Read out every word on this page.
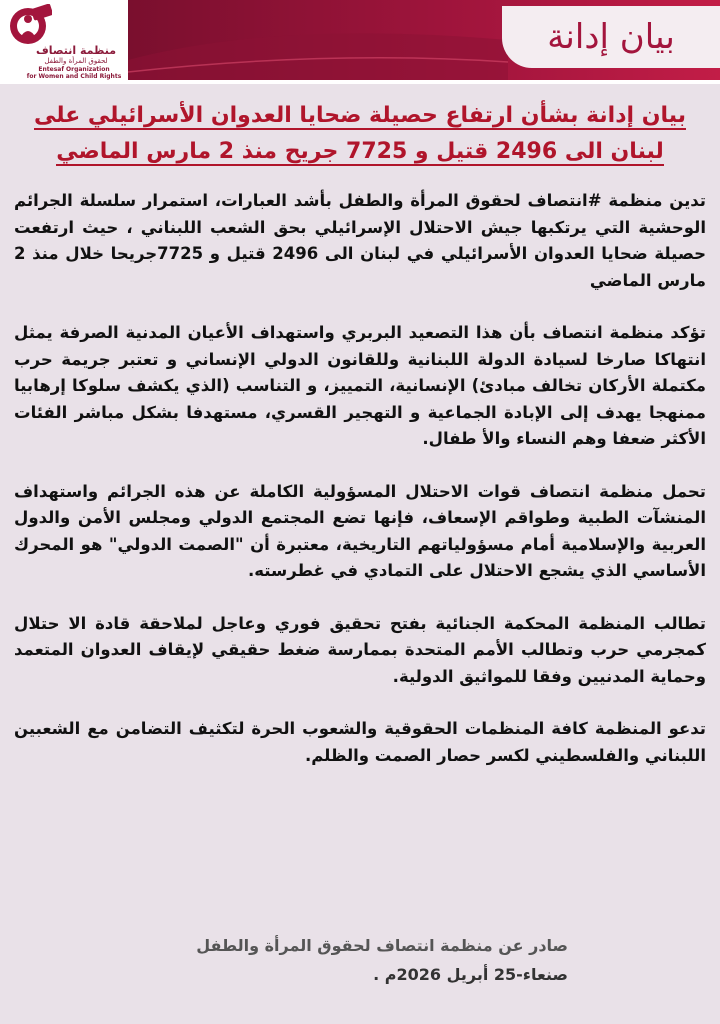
منظمة انتصاف
لحقوق المرأة والطفل
Entesaf Organization
for Women and Child Rights
بيان إدانة
بيان إدانة بشأن ارتفاع حصيلة ضحايا العدوان الأسرائيلي على
لبنان الى 2496 قتيل و 7725 جريح منذ 2 مارس الماضي

تدين منظمة #انتصاف لحقوق المرأة والطفل بأشد العبارات، استمرار سلسلة الجرائم الوحشية التي يرتكبها جيش الاحتلال الإسرائيلي بحق الشعب اللبناني ، حيث ارتفعت حصيلة ضحايا العدوان الأسرائيلي في لبنان الى 2496 قتيل و 7725جريحا خلال منذ 2 مارس الماضي

تؤكد منظمة انتصاف بأن هذا التصعيد البربري واستهداف الأعيان المدنية الصرفة يمثل انتهاكا صارخا لسيادة الدولة اللبنانية وللقانون الدولي الإنساني و تعتبر جريمة حرب مكتملة الأركان تخالف مبادئ) الإنسانية، التمييز، و التناسب (الذي يكشف سلوكا إرهابيا ممنهجا يهدف إلى الإبادة الجماعية و التهجير القسري، مستهدفا بشكل مباشر الفئات الأكثر ضعفا وهم النساء والأ طفال.

تحمل منظمة انتصاف قوات الاحتلال المسؤولية الكاملة عن هذه الجرائم واستهداف المنشآت الطبية وطواقم الإسعاف، فإنها تضع المجتمع الدولي ومجلس الأمن والدول العربية والإسلامية أمام مسؤولياتهم التاريخية، معتبرة أن "الصمت الدولي" هو المحرك الأساسي الذي يشجع الاحتلال على التمادي في غطرسته.

تطالب المنظمة المحكمة الجنائية بفتح تحقيق فوري وعاجل لملاحقة قادة الا حتلال كمجرمي حرب وتطالب الأمم المتحدة بممارسة ضغط حقيقي لإيقاف العدوان المتعمد وحماية المدنيين وفقا للمواثيق الدولية.

تدعو المنظمة كافة المنظمات الحقوقية والشعوب الحرة لتكثيف التضامن مع الشعبين اللبناني والفلسطيني لكسر حصار الصمت والظلم.

صادر عن منظمة انتصاف لحقوق المرأة والطفل
صنعاء-25 أبريل 2026م .
